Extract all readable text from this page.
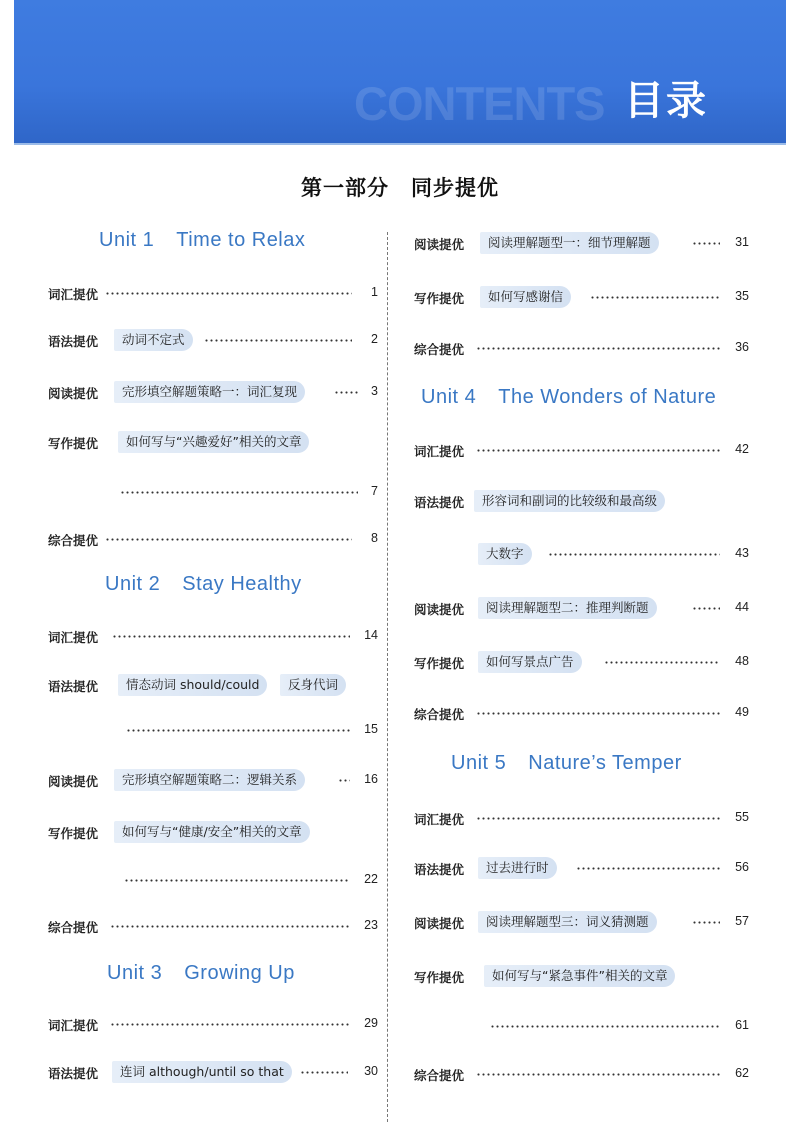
CONTENTS 目录
第一部分　同步提优
Unit 1 Time to Relax
词汇提优	1
语法提优	动词不定式	2
阅读提优	完形填空解题策略一：词汇复现	3
写作提优	如何写与“兴趣爱好”相关的文章
7
综合提优	8
Unit 2 Stay Healthy
词汇提优	14
语法提优	情态动词 should/could	反身代词
15
阅读提优	完形填空解题策略二：逻辑关系	16
写作提优	如何写与“健康/安全”相关的文章
22
综合提优	23
Unit 3 Growing Up
词汇提优	29
语法提优	连词 although/until so that	30
阅读提优	阅读理解题型一：细节理解题	31
写作提优	如何写感谢信	35
综合提优	36
Unit 4 The Wonders of Nature
词汇提优	42
语法提优	形容词和副词的比较级和最高级
大数字	43
阅读提优	阅读理解题型二：推理判断题	44
写作提优	如何写景点广告	48
综合提优	49
Unit 5 Nature’s Temper
词汇提优	55
语法提优	过去进行时	56
阅读提优	阅读理解题型三：词义猜测题	57
写作提优	如何写与“紧急事件”相关的文章
61
综合提优	62
